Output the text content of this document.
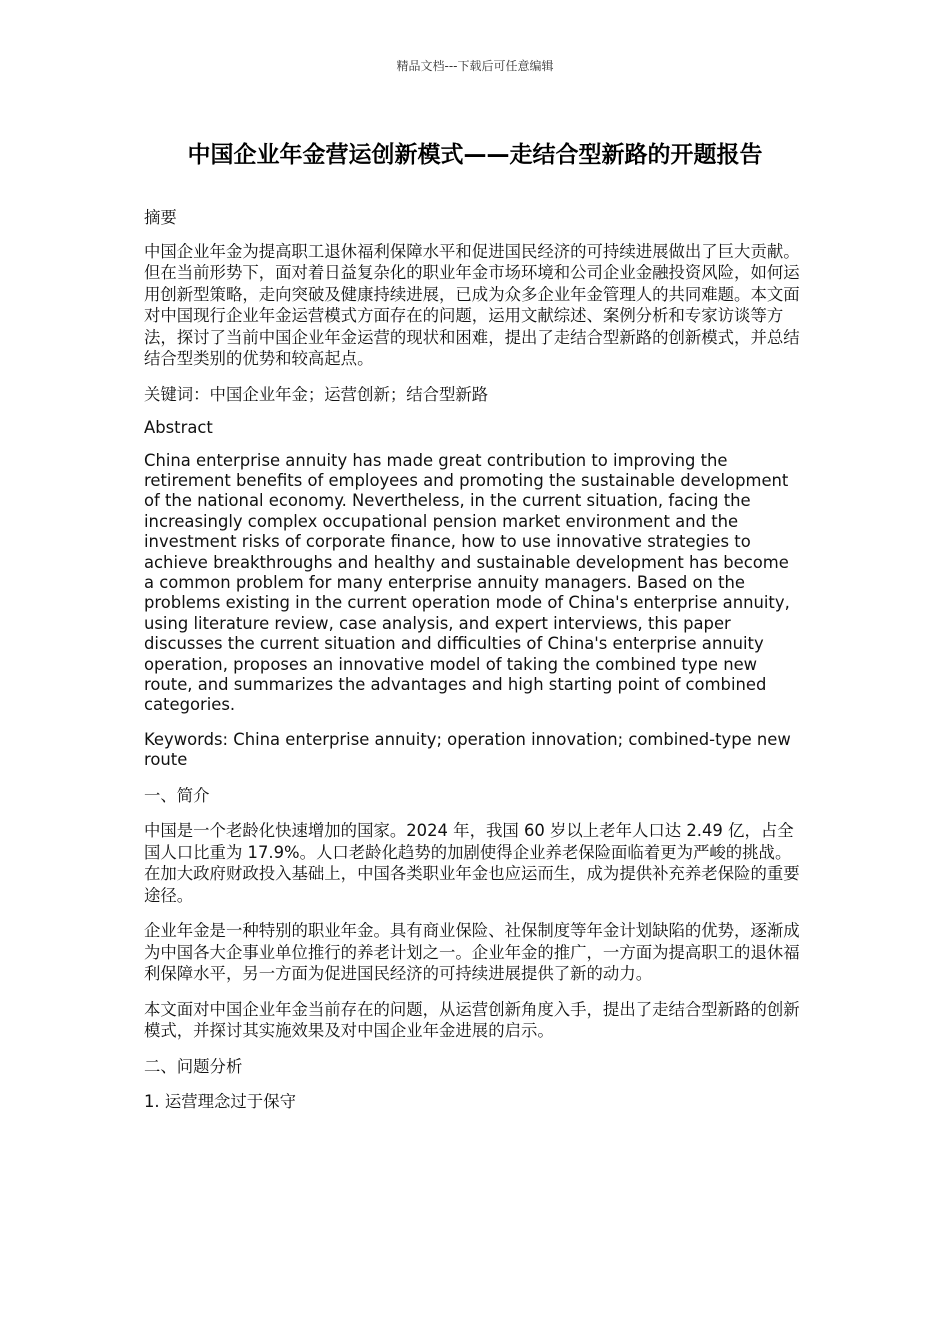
精品文档---下载后可任意编辑
中国企业年金营运创新模式——走结合型新路的开题报告

摘要

中国企业年金为提高职工退休福利保障水平和促进国民经济的可持续进展做出了巨大贡献。但在当前形势下，面对着日益复杂化的职业年金市场环境和公司企业金融投资风险，如何运用创新型策略，走向突破及健康持续进展，已成为众多企业年金管理人的共同难题。本文面对中国现行企业年金运营模式方面存在的问题，运用文献综述、案例分析和专家访谈等方法，探讨了当前中国企业年金运营的现状和困难，提出了走结合型新路的创新模式，并总结结合型类别的优势和较高起点。

关键词：中国企业年金；运营创新；结合型新路

Abstract

China enterprise annuity has made great contribution to improving the retirement benefits of employees and promoting the sustainable development of the national economy. Nevertheless, in the current situation, facing the increasingly complex occupational pension market environment and the investment risks of corporate finance, how to use innovative strategies to achieve breakthroughs and healthy and sustainable development has become a common problem for many enterprise annuity managers. Based on the problems existing in the current operation mode of China's enterprise annuity, using literature review, case analysis, and expert interviews, this paper discusses the current situation and difficulties of China's enterprise annuity operation, proposes an innovative model of taking the combined type new route, and summarizes the advantages and high starting point of combined categories.

Keywords: China enterprise annuity; operation innovation; combined-type new route

一、简介

中国是一个老龄化快速增加的国家。2024 年，我国 60 岁以上老年人口达 2.49 亿，占全国人口比重为 17.9%。人口老龄化趋势的加剧使得企业养老保险面临着更为严峻的挑战。在加大政府财政投入基础上，中国各类职业年金也应运而生，成为提供补充养老保险的重要途径。

企业年金是一种特别的职业年金。具有商业保险、社保制度等年金计划缺陷的优势，逐渐成为中国各大企事业单位推行的养老计划之一。企业年金的推广，一方面为提高职工的退休福利保障水平，另一方面为促进国民经济的可持续进展提供了新的动力。

本文面对中国企业年金当前存在的问题，从运营创新角度入手，提出了走结合型新路的创新模式，并探讨其实施效果及对中国企业年金进展的启示。

二、问题分析

1. 运营理念过于保守
